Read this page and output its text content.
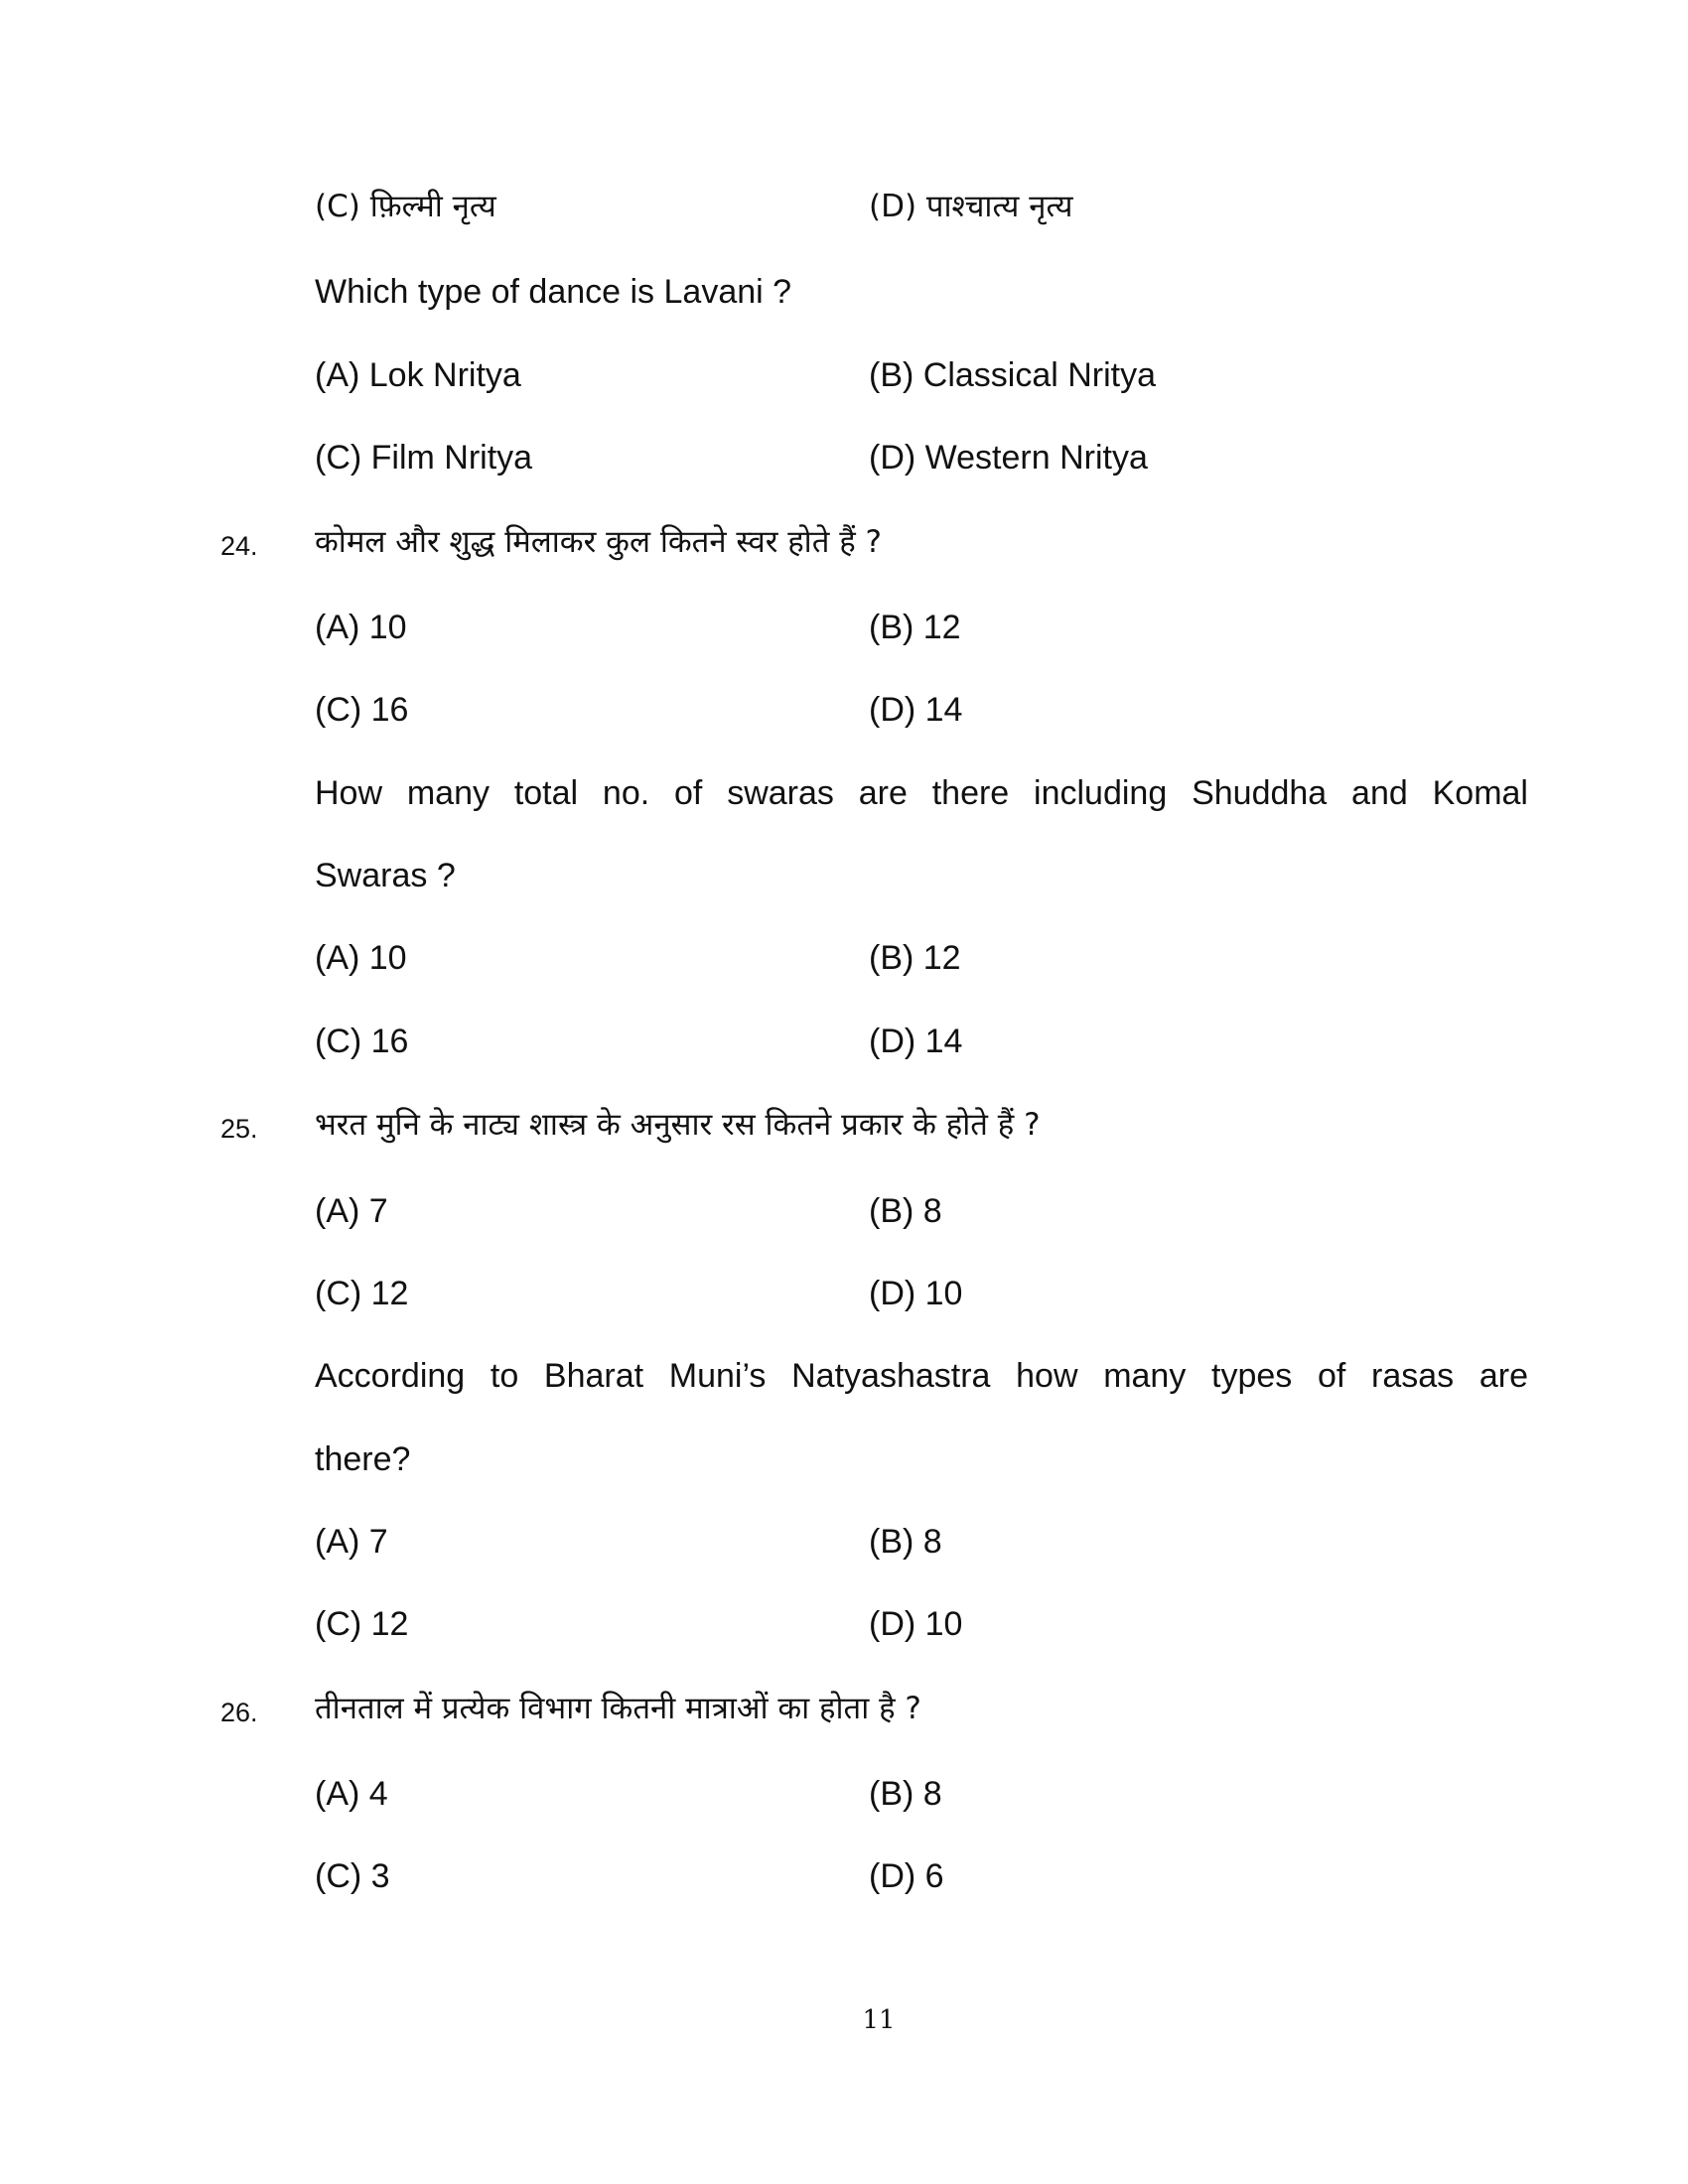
(C) फ़िल्मी नृत्य	(D) पाश्चात्य नृत्य
Which type of dance is Lavani ?
(A) Lok Nritya	(B) Classical Nritya
(C) Film Nritya	(D) Western Nritya
24. कोमल और शुद्ध मिलाकर कुल कितने स्वर होते हैं ?
(A) 10	(B) 12
(C) 16	(D) 14
How many total no. of swaras are there including Shuddha and Komal
Swaras ?
(A) 10	(B) 12
(C) 16	(D) 14
25. भरत मुनि के नाट्य शास्त्र के अनुसार रस कितने प्रकार के होते हैं ?
(A) 7	(B) 8
(C) 12	(D) 10
According to Bharat Muni’s Natyashastra how many types of rasas are
there?
(A) 7	(B) 8
(C) 12	(D) 10
26. तीनताल में प्रत्येक विभाग कितनी मात्राओं का होता है ?
(A) 4	(B) 8
(C) 3	(D) 6
11
